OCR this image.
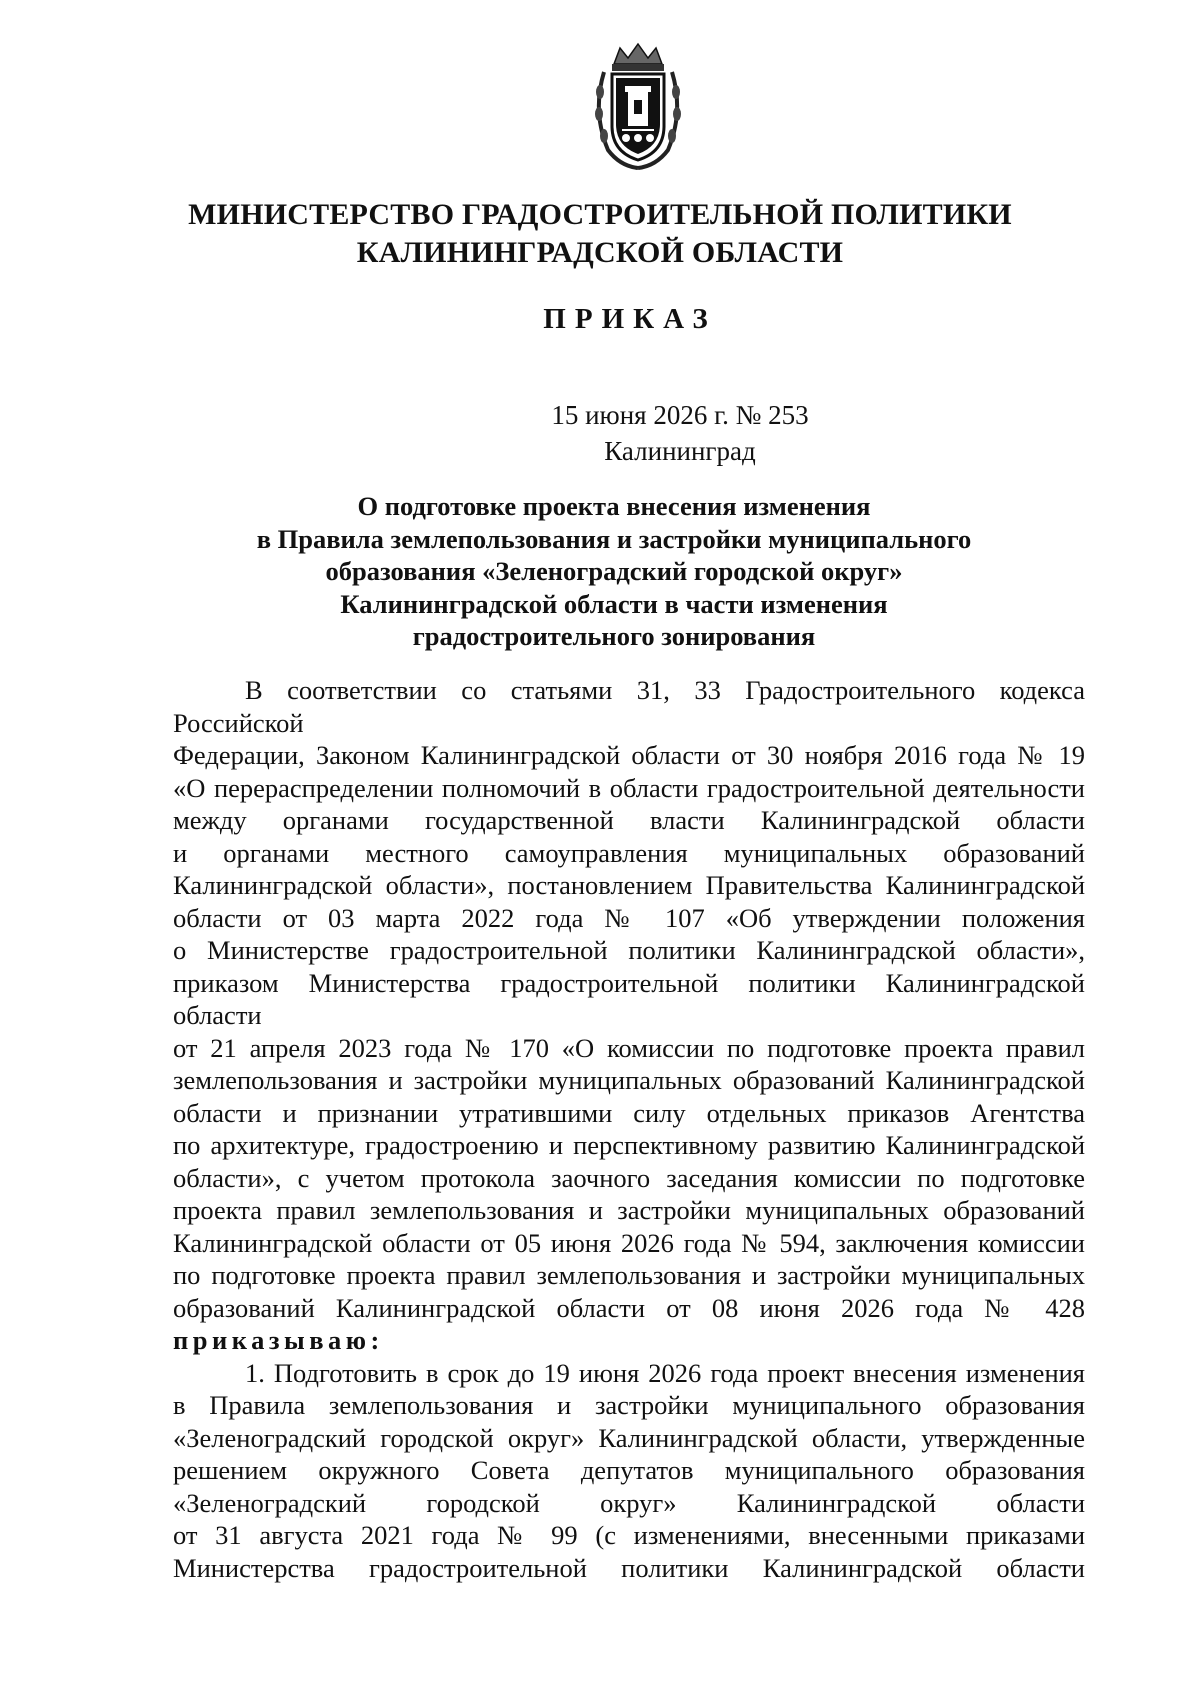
МИНИСТЕРСТВО ГРАДОСТРОИТЕЛЬНОЙ ПОЛИТИКИ
КАЛИНИНГРАДСКОЙ ОБЛАСТИ
ПРИКАЗ
15 июня 2026 г. № 253
Калининград
О подготовке проекта внесения изменения
в Правила землепользования и застройки муниципального
образования «Зеленоградский городской округ»
Калининградской области в части изменения
градостроительного зонирования

В соответствии со статьями 31, 33 Градостроительного кодекса Российской

Федерации, Законом Калининградской области от 30 ноября 2016 года № 19

«О перераспределении полномочий в области градостроительной деятельности

между органами государственной власти Калининградской области

и органами местного самоуправления муниципальных образований

Калининградской области», постановлением Правительства Калининградской

области от 03 марта 2022 года № 107 «Об утверждении положения

о Министерстве градостроительной политики Калининградской области»,

приказом Министерства градостроительной политики Калининградской области

от 21 апреля 2023 года № 170 «О комиссии по подготовке проекта правил

землепользования и застройки муниципальных образований Калининградской

области и признании утратившими силу отдельных приказов Агентства

по архитектуре, градостроению и перспективному развитию Калининградской

области», с учетом протокола заочного заседания комиссии по подготовке

проекта правил землепользования и застройки муниципальных образований

Калининградской области от 05 июня 2026 года № 594, заключения комиссии

по подготовке проекта правил землепользования и застройки муниципальных

образований Калининградской области от 08 июня 2026 года № 428

приказываю:

1. Подготовить в срок до 19 июня 2026 года проект внесения изменения

в Правила землепользования и застройки муниципального образования

«Зеленоградский городской округ» Калининградской области, утвержденные

решением окружного Совета депутатов муниципального образования

«Зеленоградский городской округ» Калининградской области

от 31 августа 2021 года № 99 (с изменениями, внесенными приказами

Министерства градостроительной политики Калининградской области
